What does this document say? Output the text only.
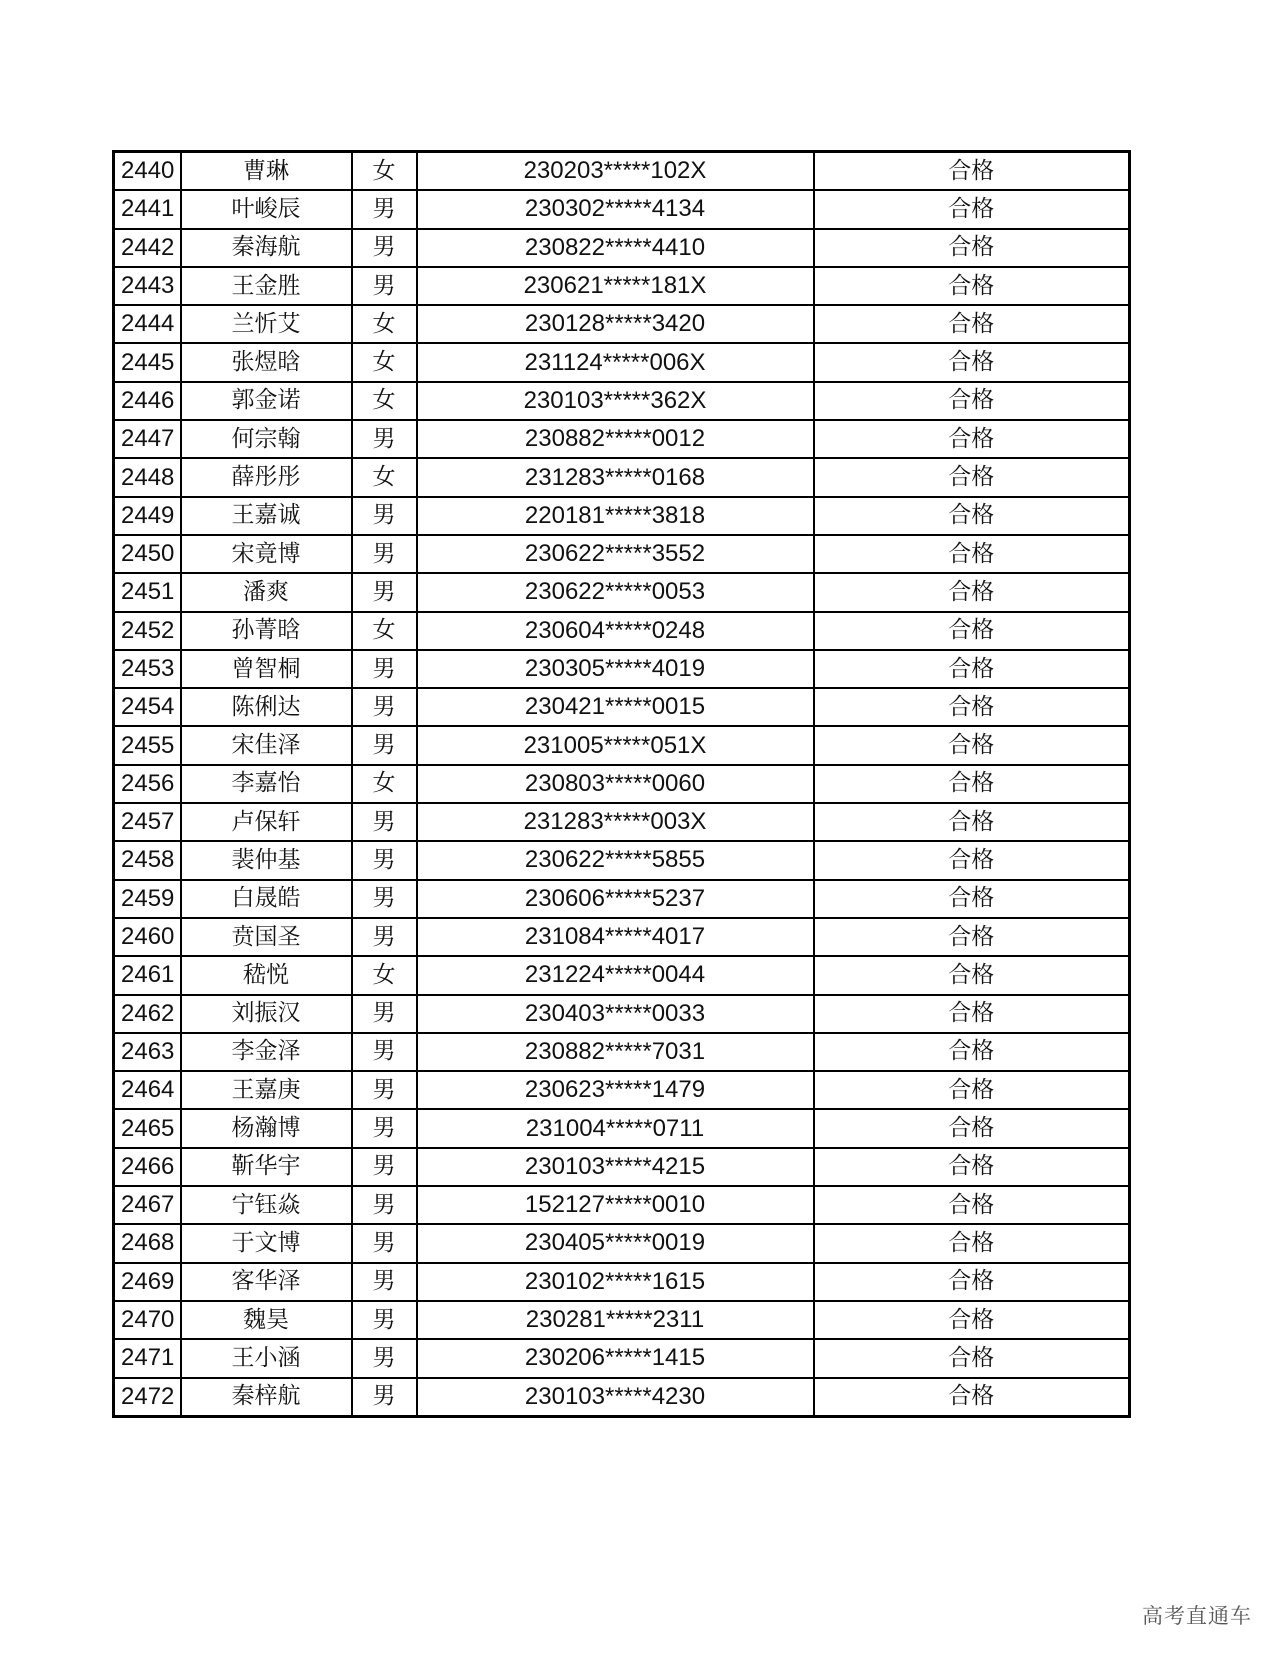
2440	曹琳	女	230203*****102X	合格
2441	叶峻辰	男	230302*****4134	合格
2442	秦海航	男	230822*****4410	合格
2443	王金胜	男	230621*****181X	合格
2444	兰忻艾	女	230128*****3420	合格
2445	张煜晗	女	231124*****006X	合格
2446	郭金诺	女	230103*****362X	合格
2447	何宗翰	男	230882*****0012	合格
2448	薛彤彤	女	231283*****0168	合格
2449	王嘉诚	男	220181*****3818	合格
2450	宋竟博	男	230622*****3552	合格
2451	潘爽	男	230622*****0053	合格
2452	孙菁晗	女	230604*****0248	合格
2453	曾智桐	男	230305*****4019	合格
2454	陈俐达	男	230421*****0015	合格
2455	宋佳泽	男	231005*****051X	合格
2456	李嘉怡	女	230803*****0060	合格
2457	卢保轩	男	231283*****003X	合格
2458	裴仲基	男	230622*****5855	合格
2459	白晟皓	男	230606*****5237	合格
2460	贲国圣	男	231084*****4017	合格
2461	嵇悦	女	231224*****0044	合格
2462	刘振汉	男	230403*****0033	合格
2463	李金泽	男	230882*****7031	合格
2464	王嘉庚	男	230623*****1479	合格
2465	杨瀚博	男	231004*****0711	合格
2466	靳华宇	男	230103*****4215	合格
2467	宁钰焱	男	152127*****0010	合格
2468	于文博	男	230405*****0019	合格
2469	客华泽	男	230102*****1615	合格
2470	魏昊	男	230281*****2311	合格
2471	王小涵	男	230206*****1415	合格
2472	秦梓航	男	230103*****4230	合格
高考直通车
